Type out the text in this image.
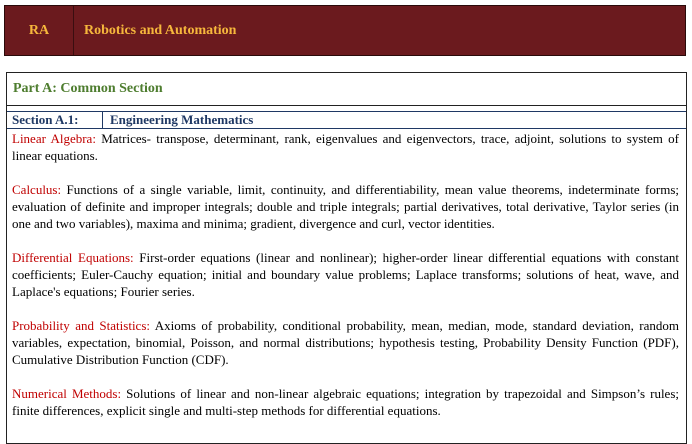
RA	Robotics and Automation
Part A: Common Section
Section A.1:	Engineering Mathematics

Linear Algebra: Matrices- transpose, determinant, rank, eigenvalues and eigenvectors, trace, adjoint, solutions to system of linear equations.

Calculus: Functions of a single variable, limit, continuity, and differentiability, mean value theorems, indeterminate forms; evaluation of definite and improper integrals; double and triple integrals; partial derivatives, total derivative, Taylor series (in one and two variables), maxima and minima; gradient, divergence and curl, vector identities.

Differential Equations: First-order equations (linear and nonlinear); higher-order linear differential equations with constant coefficients; Euler-Cauchy equation; initial and boundary value problems; Laplace transforms; solutions of heat, wave, and Laplace's equations; Fourier series.

Probability and Statistics: Axioms of probability, conditional probability, mean, median, mode, standard deviation, random variables, expectation, binomial, Poisson, and normal distributions; hypothesis testing, Probability Density Function (PDF), Cumulative Distribution Function (CDF).

Numerical Methods: Solutions of linear and non-linear algebraic equations; integration by trapezoidal and Simpson’s rules; finite differences, explicit single and multi-step methods for differential equations.
